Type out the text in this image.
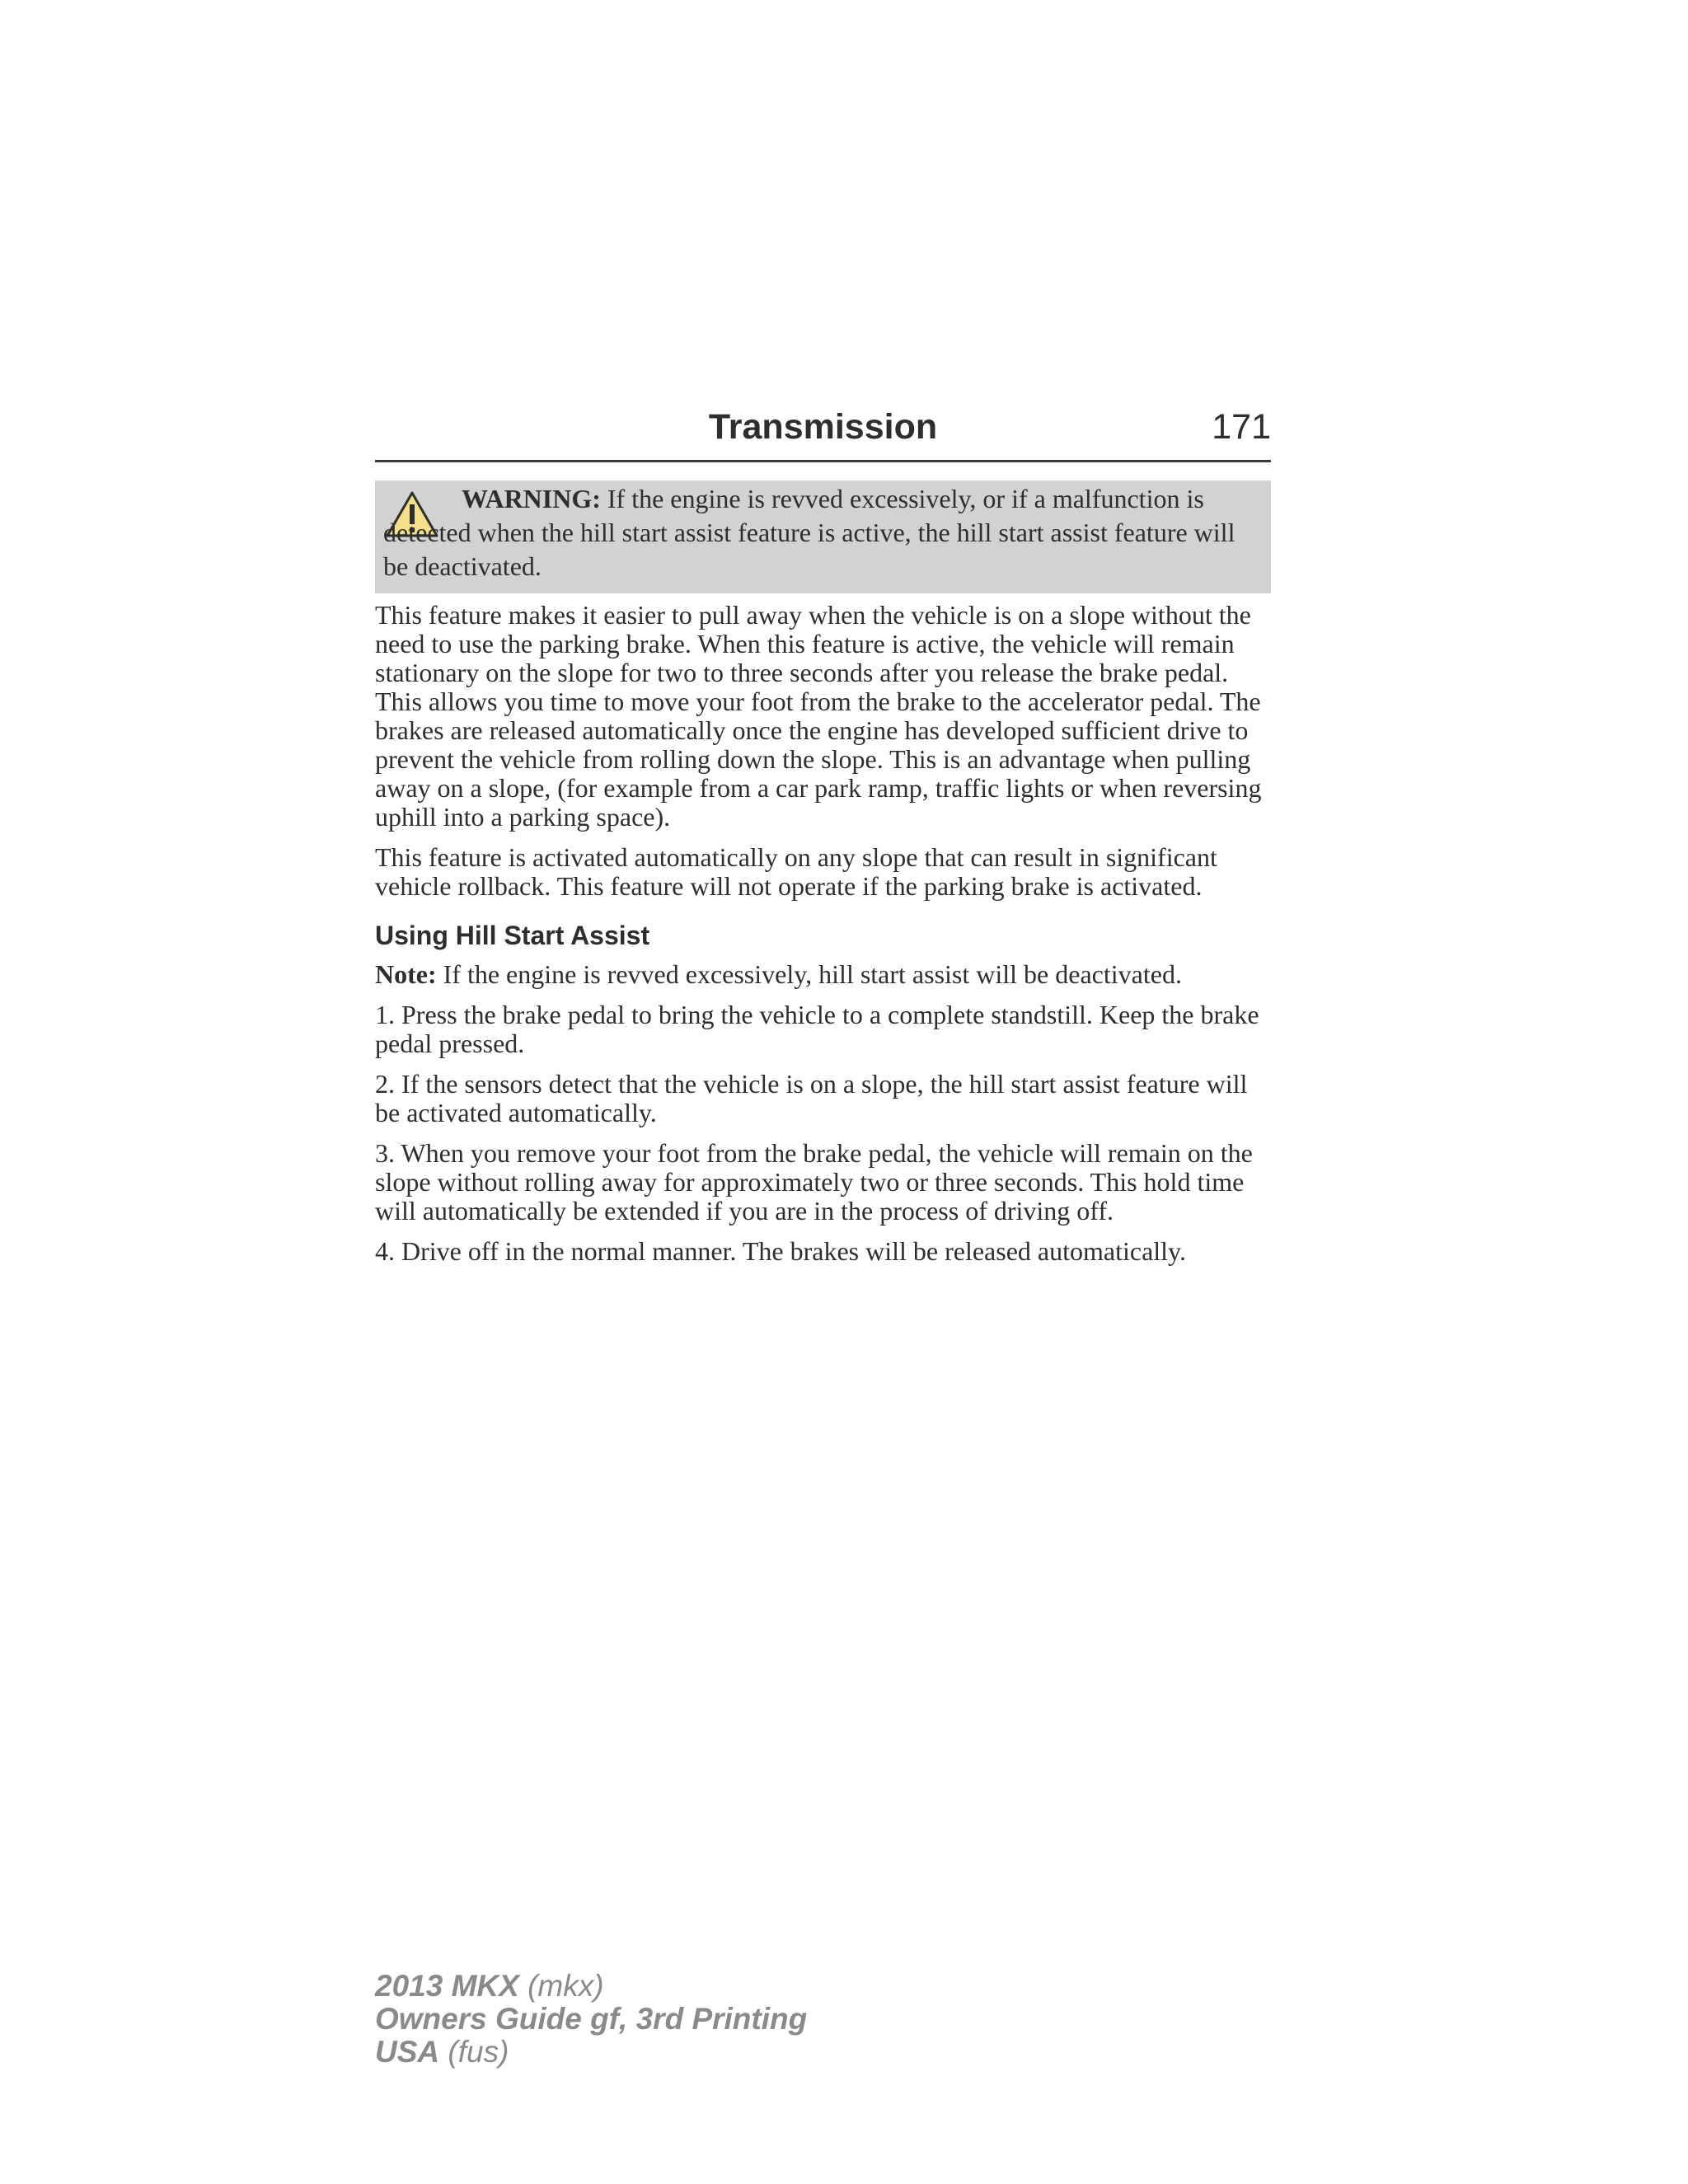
Transmission	171
WARNING: If the engine is revved excessively, or if a malfunction is detected when the hill start assist feature is active, the hill start assist feature will be deactivated.

This feature makes it easier to pull away when the vehicle is on a slope without the need to use the parking brake. When this feature is active, the vehicle will remain stationary on the slope for two to three seconds after you release the brake pedal. This allows you time to move your foot from the brake to the accelerator pedal. The brakes are released automatically once the engine has developed sufficient drive to prevent the vehicle from rolling down the slope. This is an advantage when pulling away on a slope, (for example from a car park ramp, traffic lights or when reversing uphill into a parking space).

This feature is activated automatically on any slope that can result in significant vehicle rollback. This feature will not operate if the parking brake is activated.

Using Hill Start Assist

Note: If the engine is revved excessively, hill start assist will be deactivated.

1. Press the brake pedal to bring the vehicle to a complete standstill. Keep the brake pedal pressed.

2. If the sensors detect that the vehicle is on a slope, the hill start assist feature will be activated automatically.

3. When you remove your foot from the brake pedal, the vehicle will remain on the slope without rolling away for approximately two or three seconds. This hold time will automatically be extended if you are in the process of driving off.

4. Drive off in the normal manner. The brakes will be released automatically.

2013 MKX (mkx)
Owners Guide gf, 3rd Printing
USA (fus)
